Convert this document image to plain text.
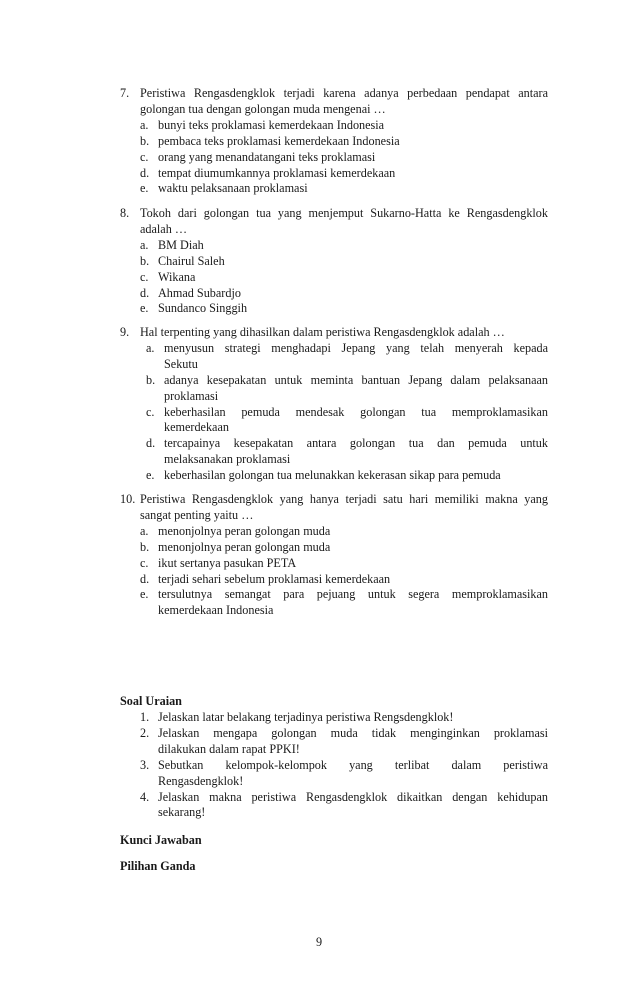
7. Peristiwa Rengasdengklok terjadi karena adanya perbedaan pendapat antara
golongan tua dengan golongan muda mengenai …
a. bunyi teks proklamasi kemerdekaan Indonesia
b. pembaca teks proklamasi kemerdekaan Indonesia
c. orang yang menandatangani teks proklamasi
d. tempat diumumkannya proklamasi kemerdekaan
e. waktu pelaksanaan proklamasi
8. Tokoh dari golongan tua yang menjemput Sukarno-Hatta ke Rengasdengklok
adalah …
a. BM Diah
b. Chairul Saleh
c. Wikana
d. Ahmad Subardjo
e. Sundanco Singgih
9. Hal terpenting yang dihasilkan dalam peristiwa Rengasdengklok adalah …
a. menyusun strategi menghadapi Jepang yang telah menyerah kepada
Sekutu
b. adanya kesepakatan untuk meminta bantuan Jepang dalam pelaksanaan
proklamasi
c. keberhasilan pemuda mendesak golongan tua memproklamasikan
kemerdekaan
d. tercapainya kesepakatan antara golongan tua dan pemuda untuk
melaksanakan proklamasi
e. keberhasilan golongan tua melunakkan kekerasan sikap para pemuda
10. Peristiwa Rengasdengklok yang hanya terjadi satu hari memiliki makna yang
sangat penting yaitu …
a. menonjolnya peran golongan muda
b. menonjolnya peran golongan muda
c. ikut sertanya pasukan PETA
d. terjadi sehari sebelum proklamasi kemerdekaan
e. tersulutnya semangat para pejuang untuk segera memproklamasikan
kemerdekaan Indonesia
Soal Uraian
1. Jelaskan latar belakang terjadinya peristiwa Rengsdengklok!
2. Jelaskan mengapa golongan muda tidak menginginkan proklamasi
dilakukan dalam rapat PPKI!
3. Sebutkan kelompok-kelompok yang terlibat dalam peristiwa
Rengasdengklok!
4. Jelaskan makna peristiwa Rengasdengklok dikaitkan dengan kehidupan
sekarang!
Kunci Jawaban
Pilihan Ganda
9
